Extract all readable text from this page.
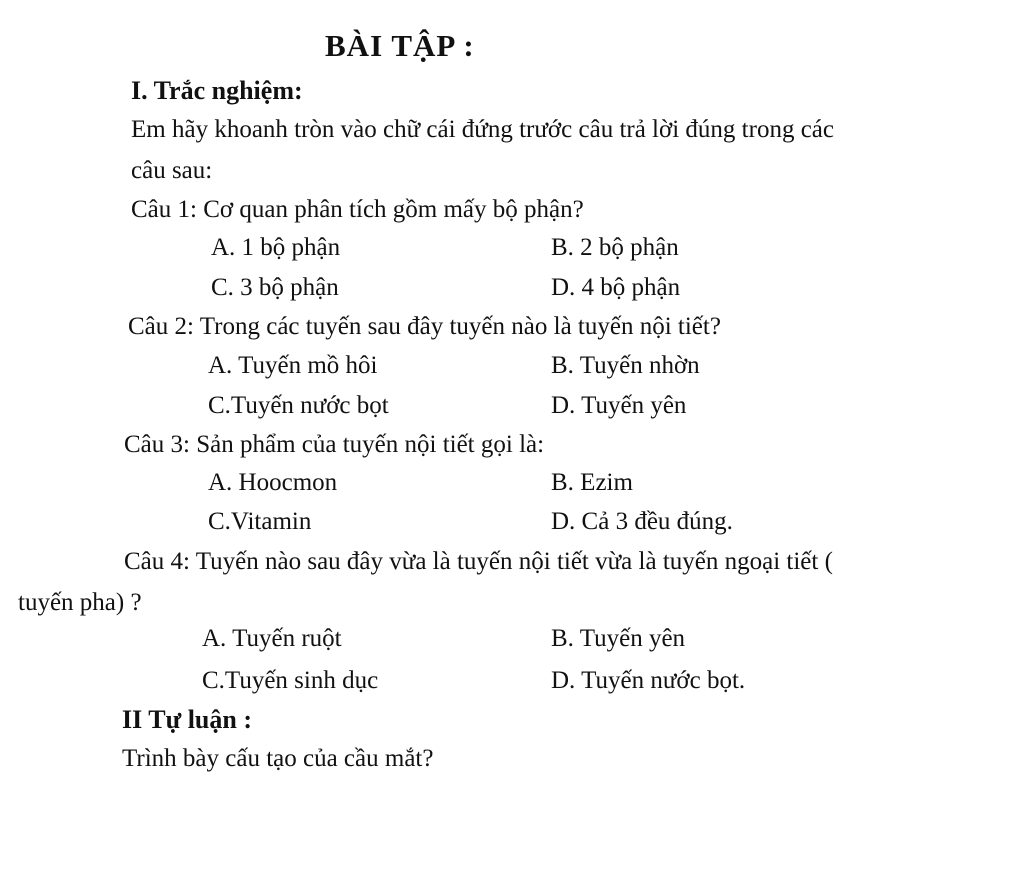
BÀI TẬP :
I. Trắc nghiệm:
Em hãy khoanh tròn vào chữ cái đứng trước câu trả lời đúng trong các
câu sau:
Câu 1: Cơ quan phân tích gồm mấy bộ phận?
A. 1 bộ phận	B. 2 bộ phận
C. 3 bộ phận	D. 4 bộ phận
Câu 2: Trong các tuyến sau đây tuyến nào là tuyến nội tiết?
A. Tuyến mồ hôi	B. Tuyến nhờn
C.Tuyến nước bọt	D. Tuyến yên
Câu 3: Sản phẩm của tuyến nội tiết gọi là:
A. Hoocmon	B. Ezim
C.Vitamin	D. Cả 3 đều đúng.
Câu 4: Tuyến nào sau đây vừa là tuyến nội tiết vừa là tuyến ngoại tiết (
tuyến pha) ?
A. Tuyến ruột	B. Tuyến yên
C.Tuyến sinh dục	D. Tuyến nước bọt.
II Tự luận :
Trình bày cấu tạo của cầu mắt?
